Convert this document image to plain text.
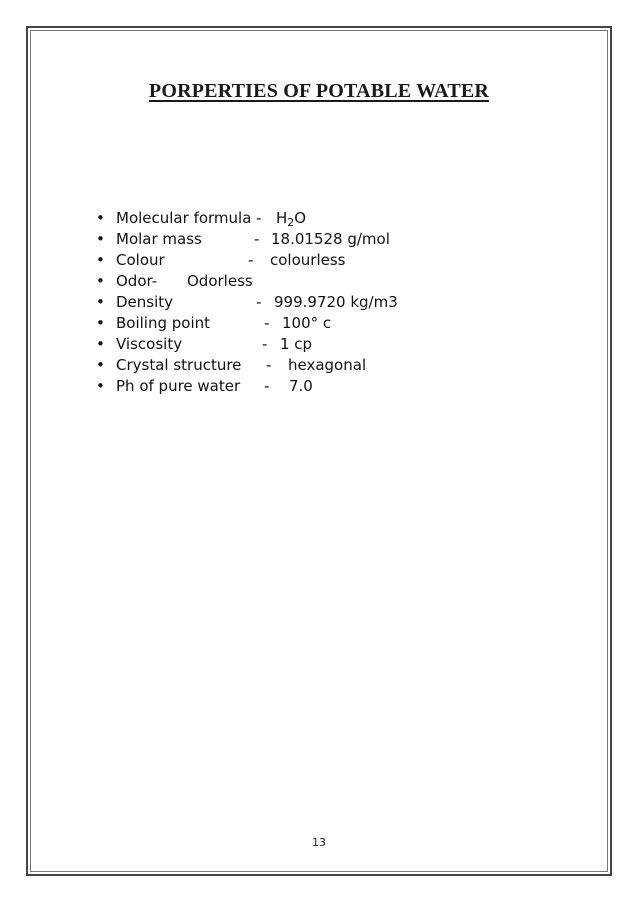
PORPERTIES OF POTABLE WATER
• Molecular formula - $H_2O$
• Molar mass	- 18.01528 g/mol
• Colour	- colourless
• Odor- Odorless
• Density	- 999.9720 kg/m3
• Boiling point	- 100° c
• Viscosity	- 1 cp
• Crystal structure - hexagonal
• Ph of pure water - 7.0
13
